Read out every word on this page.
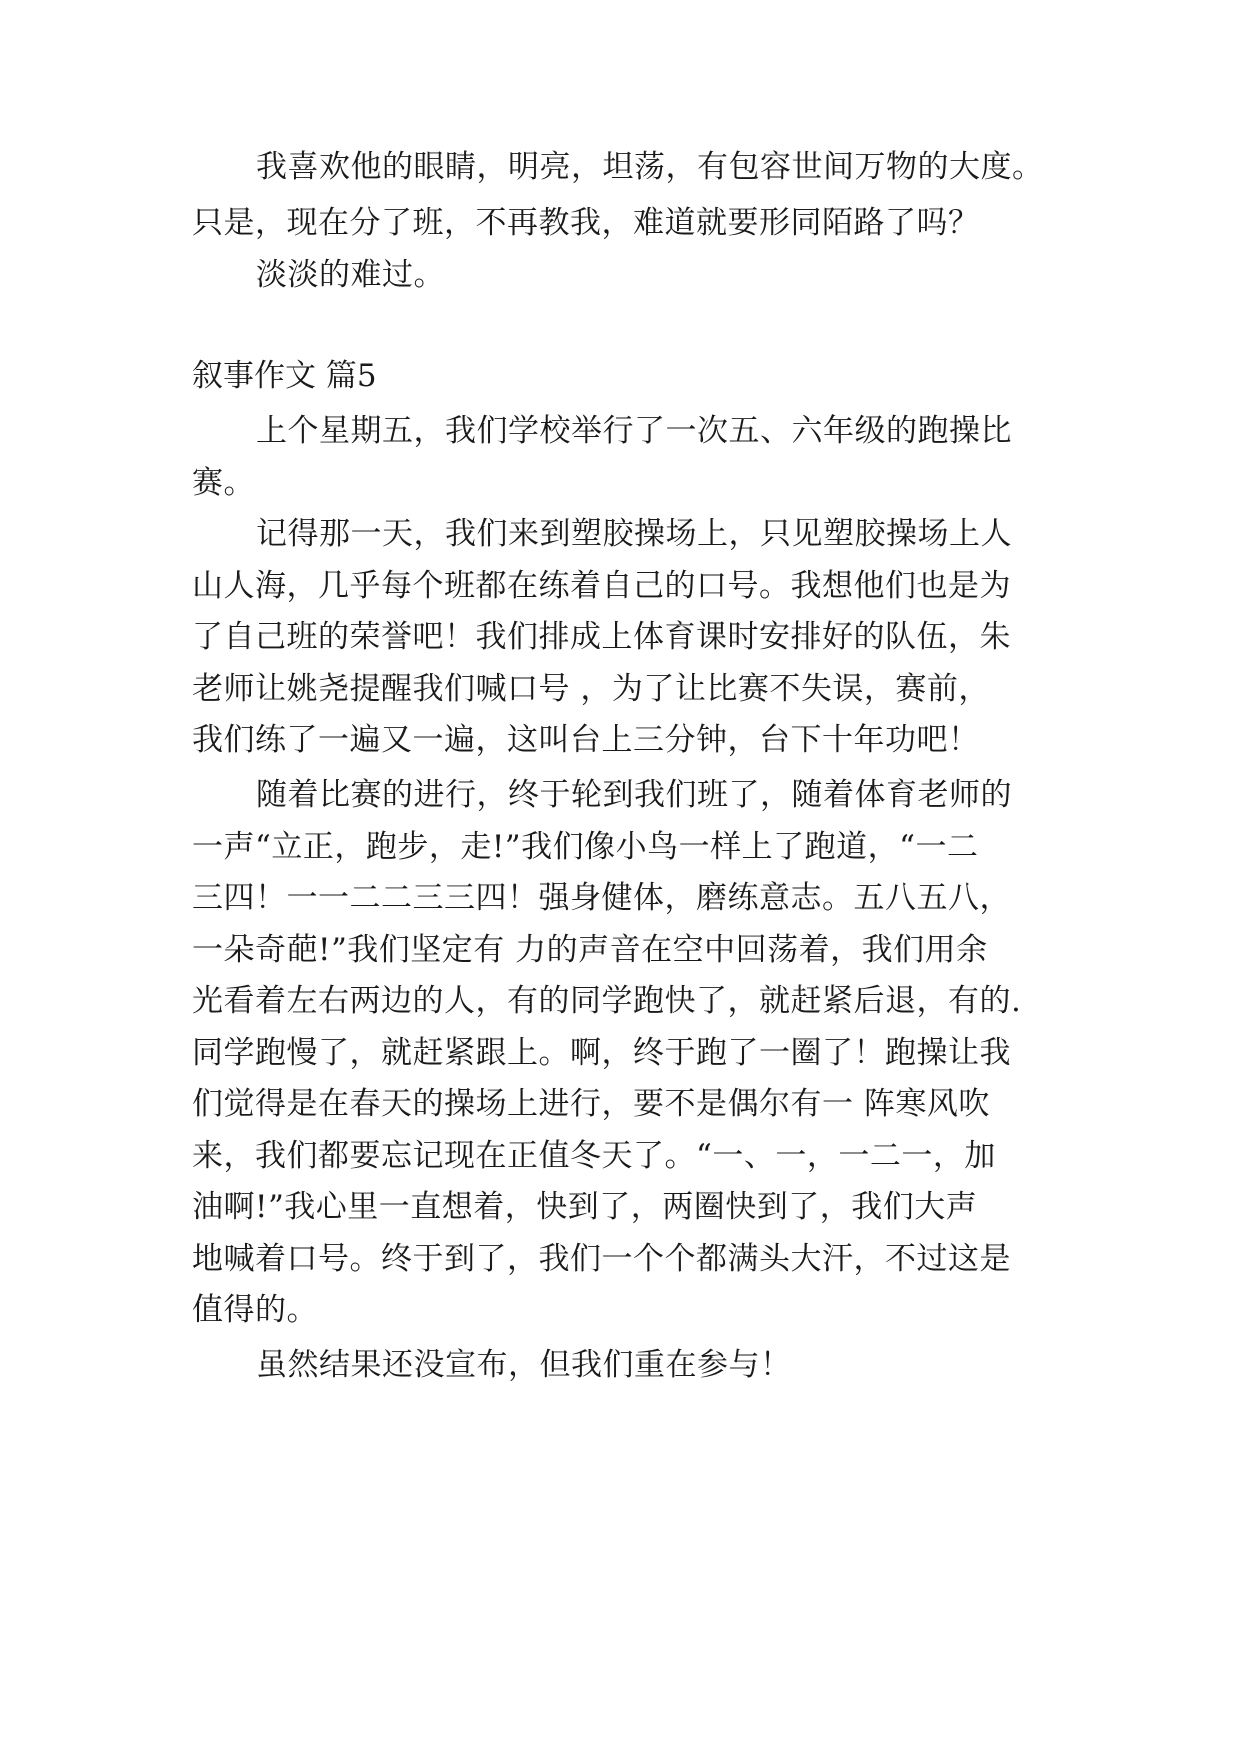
我喜欢他的眼睛，明亮，坦荡，有包容世间万物的大度。
只是，现在分了班，不再教我，难道就要形同陌路了吗？
淡淡的难过。
叙事作文 篇5
上个星期五，我们学校举行了一次五、六年级的跑操比
赛。
记得那一天，我们来到塑胶操场上，只见塑胶操场上人
山人海，几乎每个班都在练着自己的口号。我想他们也是为
了自己班的荣誉吧！我们排成上体育课时安排好的队伍，朱
老师让姚尧提醒我们喊口号 ，为了让比赛不失误，赛前，
我们练了一遍又一遍，这叫台上三分钟，台下十年功吧！
随着比赛的进行，终于轮到我们班了，随着体育老师的
一声“立正，跑步，走!”我们像小鸟一样上了跑道，“一二
三四！一一二二三三四！强身健体，磨练意志。五八五八，
一朵奇葩!”我们坚定有 力的声音在空中回荡着，我们用余
光看着左右两边的人，有的同学跑快了，就赶紧后退，有的.
同学跑慢了，就赶紧跟上。啊，终于跑了一圈了！跑操让我
们觉得是在春天的操场上进行，要不是偶尔有一 阵寒风吹
来，我们都要忘记现在正值冬天了。“一、一，一二一，加
油啊!”我心里一直想着，快到了，两圈快到了，我们大声
地喊着口号。终于到了，我们一个个都满头大汗，不过这是
值得的。
虽然结果还没宣布，但我们重在参与！
